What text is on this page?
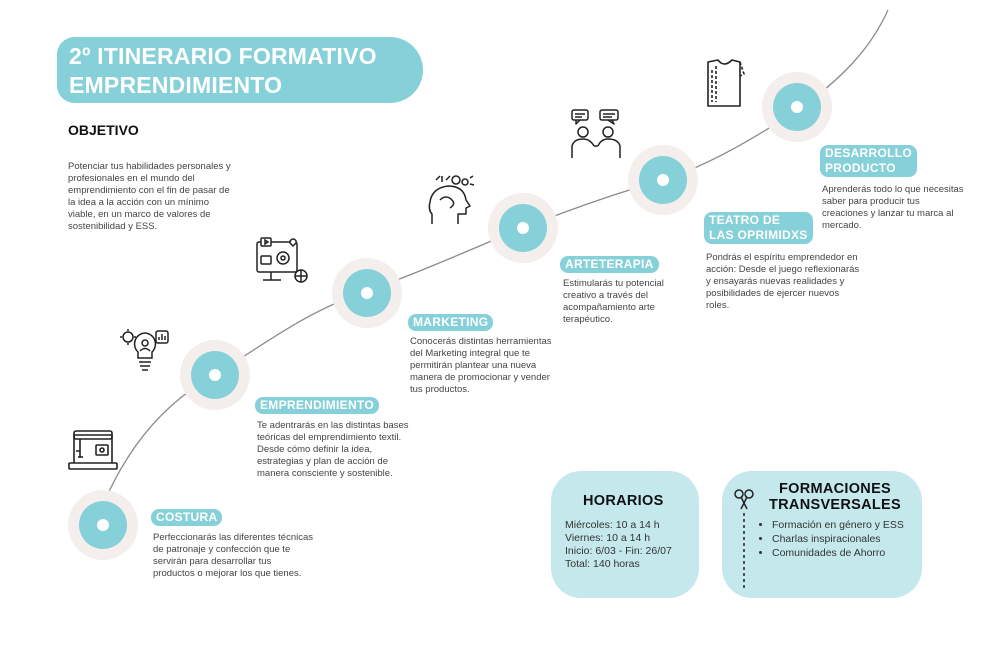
2º ITINERARIO FORMATIVO
EMPRENDIMIENTO
OBJETIVO
Potenciar tus habilidades personales y profesionales en el mundo del emprendimiento con el fin de pasar de la idea a la acción con un mínimo viable, en un marco de valores de sostenibilidad y ESS.
COSTURA
Perfeccionarás las diferentes técnicas de patronaje y confección que te servirán para desarrollar tus productos o mejorar los que tienes.
EMPRENDIMIENTO
Te adentrarás en las distintas bases teóricas del emprendimiento textil. Desde cómo definir la idea, estrategias y plan de acción de manera consciente y sostenible.
MARKETING
Conocerás distintas herramientas del Marketing integral que te permitirán plantear una nueva manera de promocionar y vender tus productos.
ARTETERAPIA
Estimularás tu potencial creativo a través del acompañamiento arte terapéutico.
TEATRO DE
LAS OPRIMIDXS
Pondrás el espíritu emprendedor en acción: Desde el juego reflexionarás y ensayarás nuevas realidades y posibilidades de ejercer nuevos roles.
DESARROLLO
PRODUCTO
Aprenderás todo lo que necesitas saber para producir tus creaciones y lanzar tu marca al mercado.
HORARIOS
Miércoles: 10 a 14 h
Viernes: 10 a 14 h
Inicio: 6/03 - Fin: 26/07
Total: 140 horas
FORMACIONES
TRANSVERSALES
• Formación en género y ESS
• Charlas inspiracionales
• Comunidades de Ahorro
